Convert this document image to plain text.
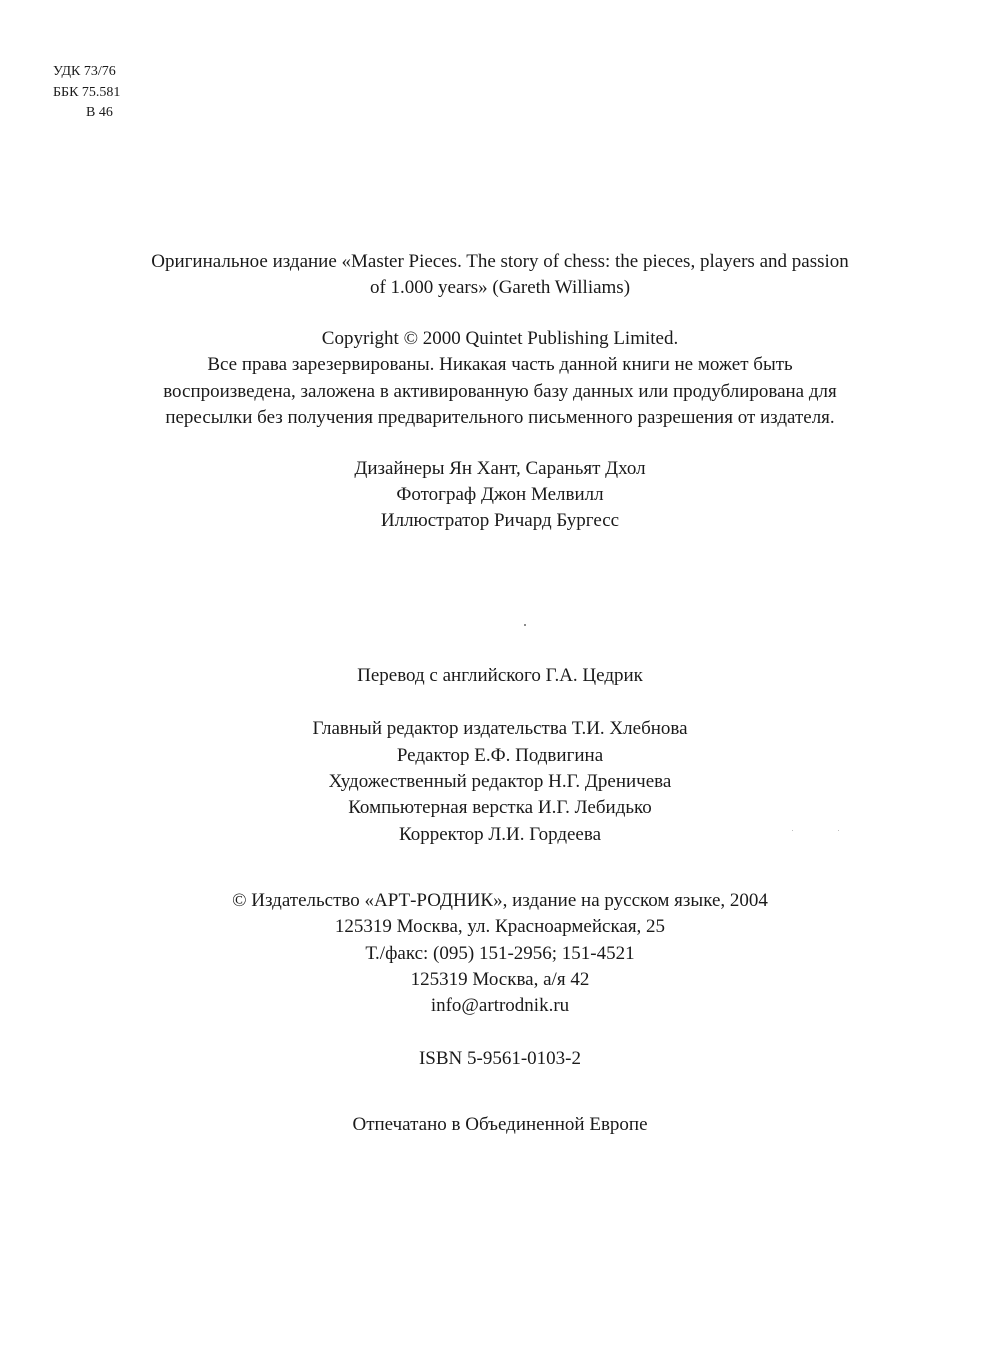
УДК 73/76
ББК 75.581
В 46
Оригинальное издание «Master Pieces. The story of chess: the pieces, players and passion
of 1.000 years» (Gareth Williams)
Copyright © 2000 Quintet Publishing Limited.
Все права зарезервированы. Никакая часть данной книги не может быть
воспроизведена, заложена в активированную базу данных или продублирована для
пересылки без получения предварительного письменного разрешения от издателя.
Дизайнеры Ян Хант, Сараньят Дхол
Фотограф Джон Мелвилл
Иллюстратор Ричард Бургесс
Перевод с английского Г.А. Цедрик
Главный редактор издательства Т.И. Хлебнова
Редактор Е.Ф. Подвигина
Художественный редактор Н.Г. Дреничева
Компьютерная верстка И.Г. Лебидько
Корректор Л.И. Гордеева
© Издательство «АРТ-РОДНИК», издание на русском языке, 2004
125319 Москва, ул. Красноармейская, 25
Т./факс: (095) 151-2956; 151-4521
125319 Москва, а/я 42
info@artrodnik.ru
ISBN 5-9561-0103-2
Отпечатано в Объединенной Европе
